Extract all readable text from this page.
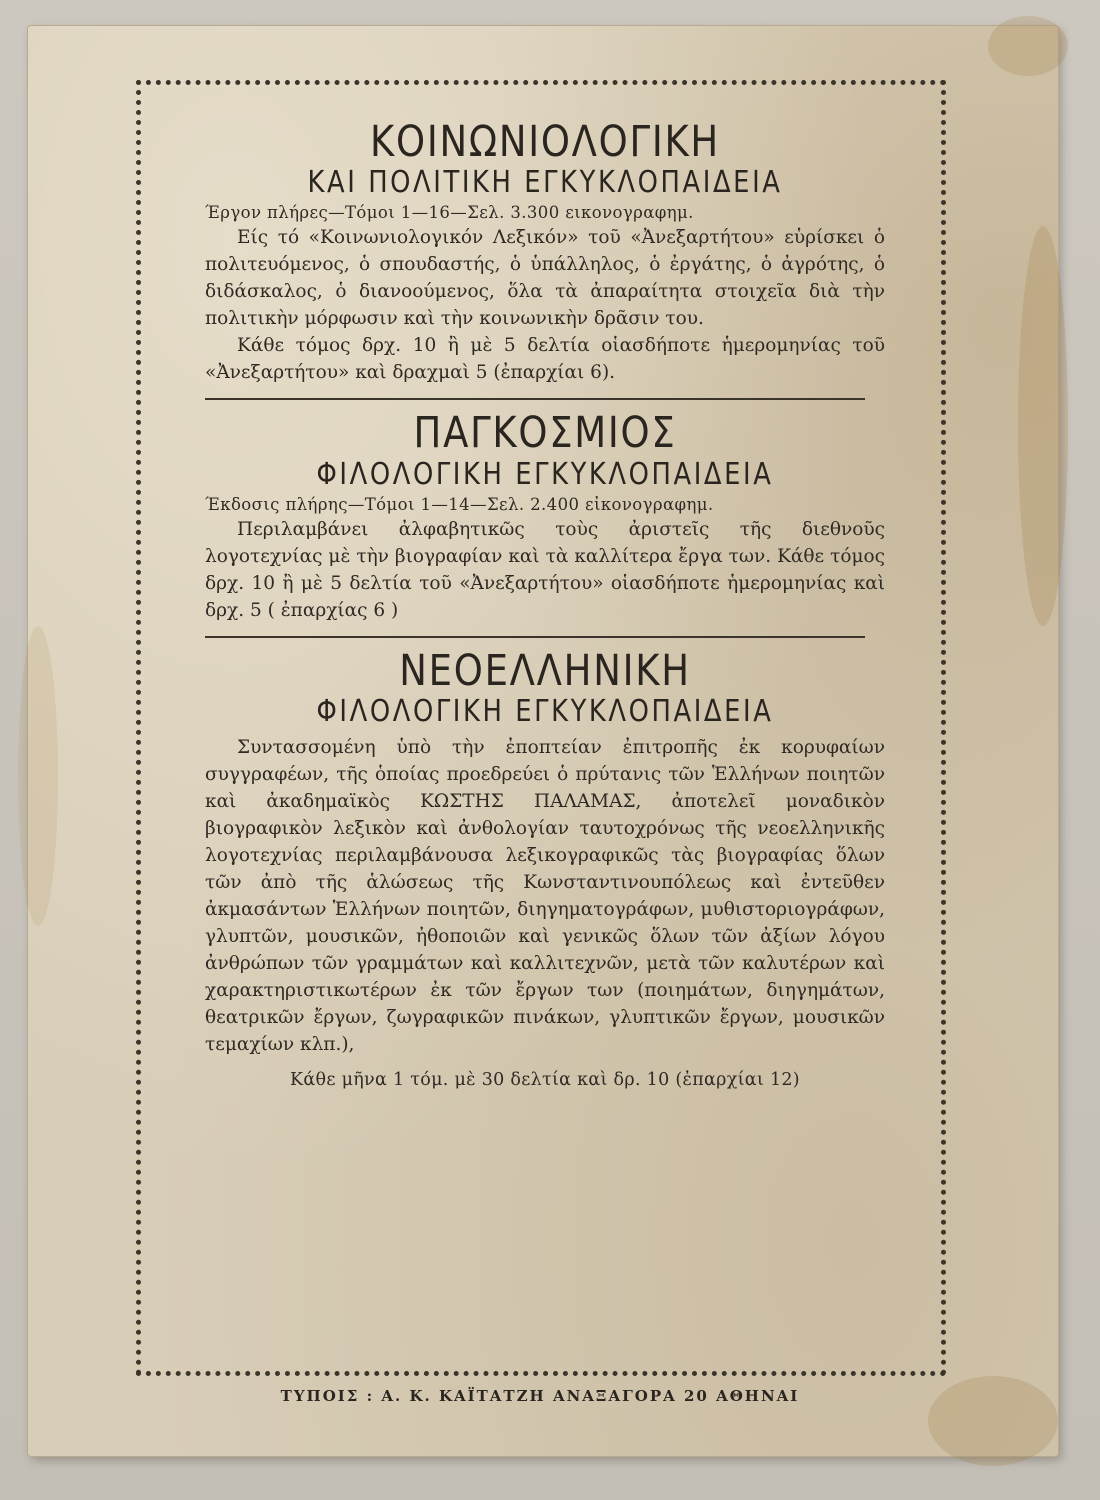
ΚΟΙΝΩΝΙΟΛΟΓΙΚΗ
ΚΑΙ ΠΟΛΙΤΙΚΗ ΕΓΚΥΚΛΟΠΑΙΔΕΙΑ
Έργον πλήρες—Τόμοι 1—16—Σελ. 3.300 εικονογραφημ.

Είς τό «Κοινωνιολογικόν Λεξικόν» τοῦ «Ἀνεξαρτήτου» εὑρίσκει ὁ πολιτευόμενος, ὁ σπουδαστής, ὁ ὑπάλληλος, ὁ ἐργάτης, ὁ ἀγρότης, ὁ διδάσκαλος, ὁ διανοούμενος, ὅλα τὰ ἀπαραίτητα στοιχεῖα διὰ τὴν πολιτικὴν μόρφωσιν καὶ τὴν κοινωνικὴν δρᾶσιν του.

Κάθε τόμος δρχ. 10 ἢ μὲ 5 δελτία οἱασδήποτε ἡμερομηνίας τοῦ «Ἀνεξαρτήτου» καὶ δραχμαὶ 5 (ἐπαρχίαι 6).

ΠΑΓΚΟΣΜΙΟΣ
ΦΙΛΟΛΟΓΙΚΗ ΕΓΚΥΚΛΟΠΑΙΔΕΙΑ
Έκδοσις πλήρης—Τόμοι 1—14—Σελ. 2.400 εἰκονογραφημ.

Περιλαμβάνει ἀλφαβητικῶς τοὺς ἀριστεῖς τῆς διεθνοῦς λογοτεχνίας μὲ τὴν βιογραφίαν καὶ τὰ καλλίτερα ἔργα των. Κάθε τόμος δρχ. 10 ἢ μὲ 5 δελτία τοῦ «Ἀνεξαρτήτου» οἱασδήποτε ἡμερομηνίας καὶ δρχ. 5 ( ἐπαρχίας 6 )

ΝΕΟΕΛΛΗΝΙΚΗ
ΦΙΛΟΛΟΓΙΚΗ ΕΓΚΥΚΛΟΠΑΙΔΕΙΑ

Συντασσομένη ὑπὸ τὴν ἐποπτείαν ἐπιτροπῆς ἐκ κορυφαίων συγγραφέων, τῆς ὁποίας προεδρεύει ὁ πρύτανις τῶν Ἑλλήνων ποιητῶν καὶ ἀκαδημαϊκὸς ΚΩΣΤΗΣ ΠΑΛΑΜΑΣ, ἀποτελεῖ μοναδικὸν βιογραφικὸν λεξικὸν καὶ ἀνθολογίαν ταυτοχρόνως τῆς νεοελληνικῆς λογοτεχνίας περιλαμβάνουσα λεξικογραφικῶς τὰς βιογραφίας ὅλων τῶν ἀπὸ τῆς ἁλώσεως τῆς Κωνσταντινουπόλεως καὶ ἐντεῦθεν ἀκμασάντων Ἑλλήνων ποιητῶν, διηγηματογράφων, μυθιστοριογράφων, γλυπτῶν, μουσικῶν, ἠθοποιῶν καὶ γενικῶς ὅλων τῶν ἀξίων λόγου ἀνθρώπων τῶν γραμμάτων καὶ καλλιτεχνῶν, μετὰ τῶν καλυτέρων καὶ χαρακτηριστικωτέρων ἐκ τῶν ἔργων των (ποιημάτων, διηγημάτων, θεατρικῶν ἔργων, ζωγραφικῶν πινάκων, γλυπτικῶν ἔργων, μουσικῶν τεμαχίων κλπ.),

Κάθε μῆνα 1 τόμ. μὲ 30 δελτία καὶ δρ. 10 (ἐπαρχίαι 12)
ΤΥΠΟΙΣ : Α. Κ. ΚΑΪΤΑΤΖΗ ΑΝΑΞΑΓΟΡΑ 20 ΑΘΗΝΑΙ
